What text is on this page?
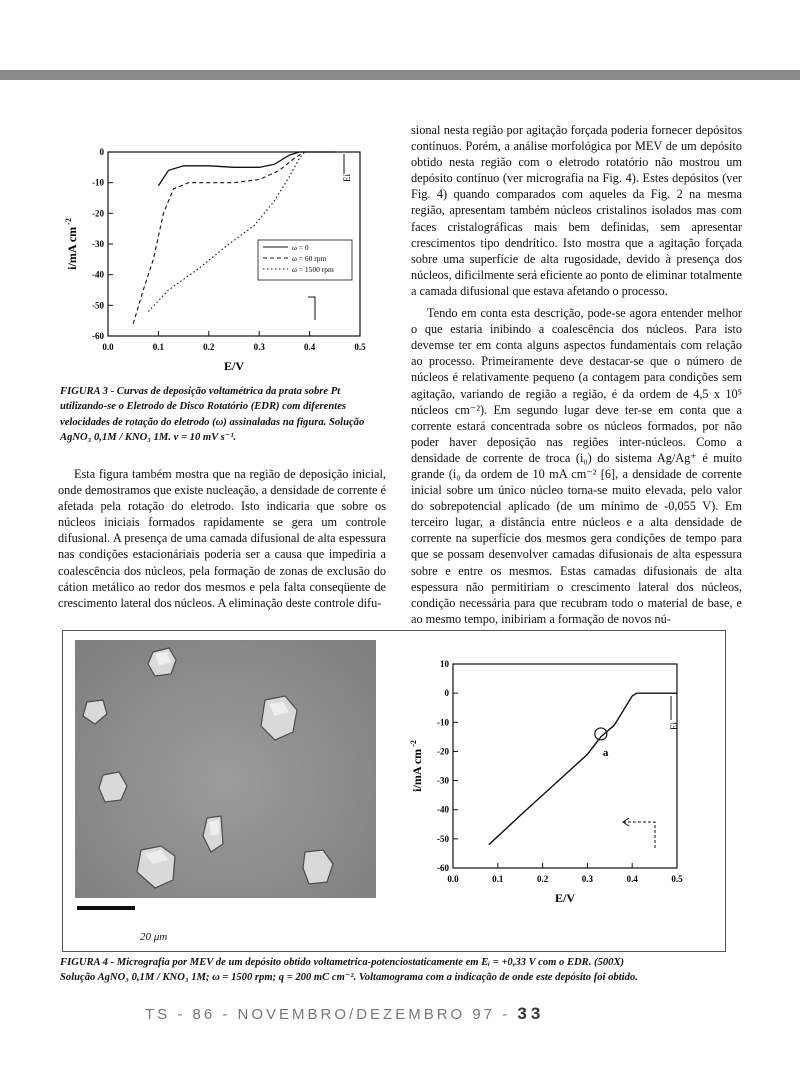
0.0	0.1	0.2	0.3	0.4	0.5
0
-10
-20
-30
-40
-50
-60
E/V
i/mA cm $^{-2}$
Ei
ω = 0
ω = 60 rpm
ω = 1500 rpm
FIGURA 3 - Curvas de deposição voltamétrica da prata sobre Pt utilizando-se o Eletrodo de Disco Rotatório (EDR) com diferentes velocidades de rotação do eletrodo (ω) assinaladas na figura. Solução AgNO₃ 0,1M / KNO₃ 1M. v = 10 mV s⁻¹.

Esta figura também mostra que na região de deposição inicial, onde demostramos que existe nucleação, a densidade de corrente é afetada pela rotação do eletrodo. Isto indicaria que sobre os núcleos iniciais formados rapidamente se gera um controle difusional. A presença de uma camada difusional de alta espessura nas condições estacionáriais poderia ser a causa que impediria a coalescência dos núcleos, pela formação de zonas de exclusão do cátion metálico ao redor dos mesmos e pela falta conseqüente de crescimento lateral dos núcleos. A eliminação deste controle difu-

sional nesta região por agitação forçada poderia fornecer depósitos contínuos. Porém, a análise morfológica por MEV de um depósito obtido nesta região com o eletrodo rotatório não mostrou um depósito contínuo (ver micrografia na Fig. 4). Estes depósitos (ver Fig. 4) quando comparados com aqueles da Fig. 2 na mesma região, apresentam também núcleos cristalinos isolados mas com faces cristalográficas mais bem definidas, sem apresentar crescimentos tipo dendrítico. Isto mostra que a agitação forçada sobre uma superfície de alta rugosidade, devido à presença dos núcleos, dificilmente será eficiente ao ponto de eliminar totalmente a camada difusional que estava afetando o processo.

Tendo em conta esta descrição, pode-se agora entender melhor o que estaria inibindo a coalescência dos núcleos. Para isto devemse ter em conta alguns aspectos fundamentais com relação ao processo. Primeiramente deve destacar-se que o número de núcleos é relativamente pequeno (a contagem para condições sem agitação, variando de região a região, é da ordem de 4,5 x 10⁵ núcleos cm⁻²). Em segundo lugar deve ter-se em conta que a corrente estará concentrada sobre os núcleos formados, por não poder haver deposição nas regiões inter-núcleos. Como a densidade de corrente de troca (i₀) do sistema Ag/Ag⁺ é muito grande (i₀ da ordem de 10 mA cm⁻² [6], a densidade de corrente inicial sobre um único núcleo torna-se muito elevada, pelo valor do sobrepotencial aplicado (de um mínimo de -0,055 V). Em terceiro lugar, a distância entre núcleos e a alta densidade de corrente na superfície dos mesmos gera condições de tempo para que se possam desenvolver camadas difusionais de alta espessura sobre e entre os mesmos. Estas camadas difusionais de alta espessura não permitiriam o crescimento lateral dos núcleos, condição necessária para que recubram todo o material de base, e ao mesmo tempo, inibiriam a formação de novos nú-

20 μm
0.0	0.1	0.2	0.3	0.4	0.5
10
0
-10
-20
-30
-40
-50
-60
E/V
i/mA cm $^{-2}$
a
Ei
FIGURA 4 - Micrografia por MEV de um depósito obtido voltametrica-potenciostaticamente em Eᵢ = +0,33 V com o EDR. (500X)
Solução AgNO₃ 0,1M / KNO₃ 1M; ω = 1500 rpm; q = 200 mC cm⁻². Voltamograma com a indicação de onde este depósito foi obtido.
TS - 86 - NOVEMBRO/DEZEMBRO 97 - 33
